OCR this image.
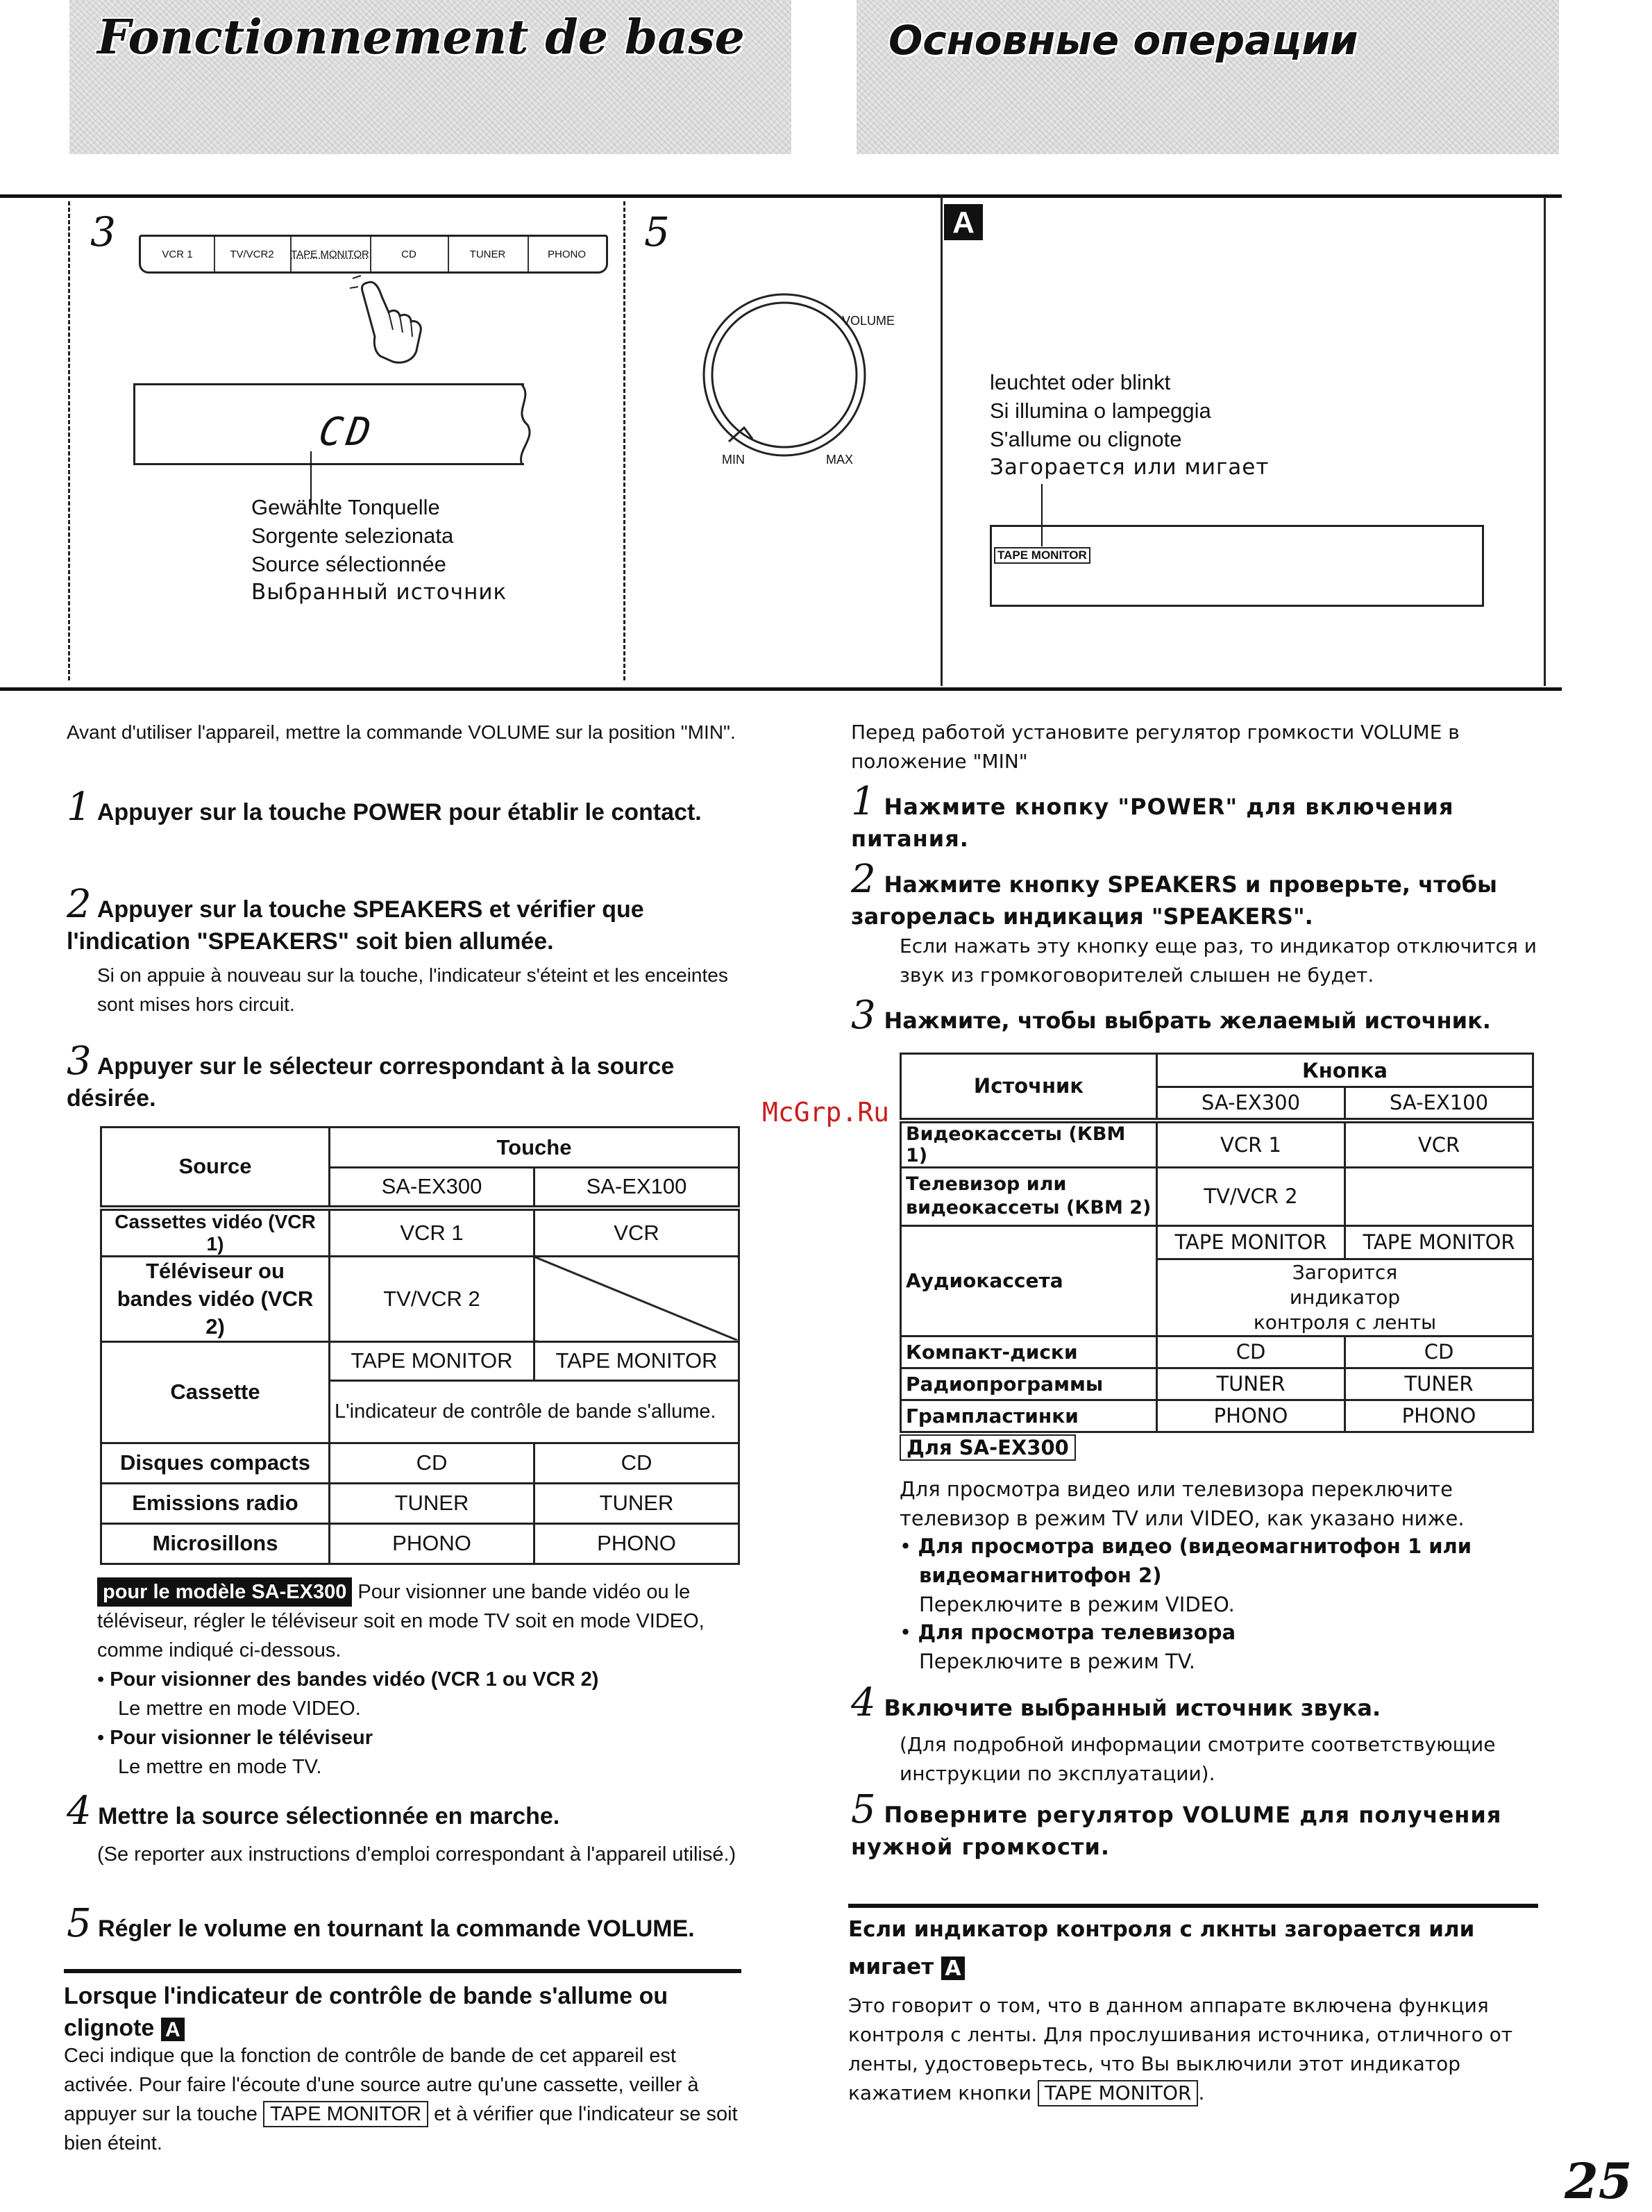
Fonctionnement de base	Основные операции
3	VCR 1	TV/VCR2	TAPE MONITOR	CD	TUNER	PHONO
CD
Gewählte Tonquelle
Sorgente selezionata
Source sélectionnée
Выбранный источник
5
VOLUME
MIN	MAX
A
leuchtet oder blinkt
Si illumina o lampeggia
S'allume ou clignote
Загорается или мигает
TAPE MONITOR
Avant d'utiliser l'appareil, mettre la commande VOLUME sur la position "MIN".
1 Appuyer sur la touche POWER pour établir le contact.
2 Appuyer sur la touche SPEAKERS et vérifier que l'indication "SPEAKERS" soit bien allumée.
Si on appuie à nouveau sur la touche, l'indicateur s'éteint et les enceintes sont mises hors circuit.
3 Appuyer sur le sélecteur correspondant à la source désirée.
Source	Touche	
	SA-EX300	SA-EX100
Cassettes vidéo (VCR 1)	VCR 1	VCR
Téléviseur ou bandes vidéo (VCR 2)	TV/VCR 2	
Cassette	TAPE MONITOR	TAPE MONITOR
	L'indicateur de contrôle de bande s'allume.	
Disques compacts	CD	CD
Emissions radio	TUNER	TUNER
Microsillons	PHONO	PHONO
pour le modèle SA-EX300 Pour visionner une bande vidéo ou le téléviseur, régler le téléviseur soit en mode TV soit en mode VIDEO, comme indiqué ci-dessous.
• Pour visionner des bandes vidéo (VCR 1 ou VCR 2)
Le mettre en mode VIDEO.
• Pour visionner le téléviseur
Le mettre en mode TV.
4 Mettre la source sélectionnée en marche.
(Se reporter aux instructions d'emploi correspondant à l'appareil utilisé.)
5 Régler le volume en tournant la commande VOLUME.
Lorsque l'indicateur de contrôle de bande s'allume ou clignote A
Ceci indique que la fonction de contrôle de bande de cet appareil est activée. Pour faire l'écoute d'une source autre qu'une cassette, veiller à appuyer sur la touche TAPE MONITOR et à vérifier que l'indicateur se soit bien éteint.
Перед работой установите регулятор громкости VOLUME в положение "MIN"
1 Нажмите кнопку "POWER" для включения питания.
2 Нажмите кнопку SPEAKERS и проверьте, чтобы загорелась индикация "SPEAKERS".
Если нажать эту кнопку еще раз, то индикатор отключится и звук из громкоговорителей слышен не будет.
3 Нажмите, чтобы выбрать желаемый источник.
Источник	Кнопка	
	SA-EX300	SA-EX100
Видеокассеты (КВМ 1)	VCR 1	VCR
Телевизор или видеокассеты (КВМ 2)	TV/VCR 2	
Аудиокассета	TAPE MONITOR	TAPE MONITOR
	Загорится индикатор контроля с ленты	
Компакт-диски	CD	CD
Радиопрограммы	TUNER	TUNER
Грампластинки	PHONO	PHONO
Для SA-EX300
Для просмотра видео или телевизора переключите телевизор в режим TV или VIDEO, как указано ниже.
• Для просмотра видео (видеомагнитофон 1 или видеомагнитофон 2)
Переключите в режим VIDEO.
• Для просмотра телевизора
Переключите в режим TV.
4 Включите выбранный источник звука.
(Для подробной информации смотрите соответствующие инструкции по эксплуатации).
5 Поверните регулятор VOLUME для получения нужной громкости.
Если индикатор контроля с лкнты загорается или мигает A
Это говорит о том, что в данном аппарате включена функция контроля с ленты. Для прослушивания источника, отличного от ленты, удостоверьтесь, что Вы выключили этот индикатор кажатием кнопки TAPE MONITOR .
McGrp.Ru
25
